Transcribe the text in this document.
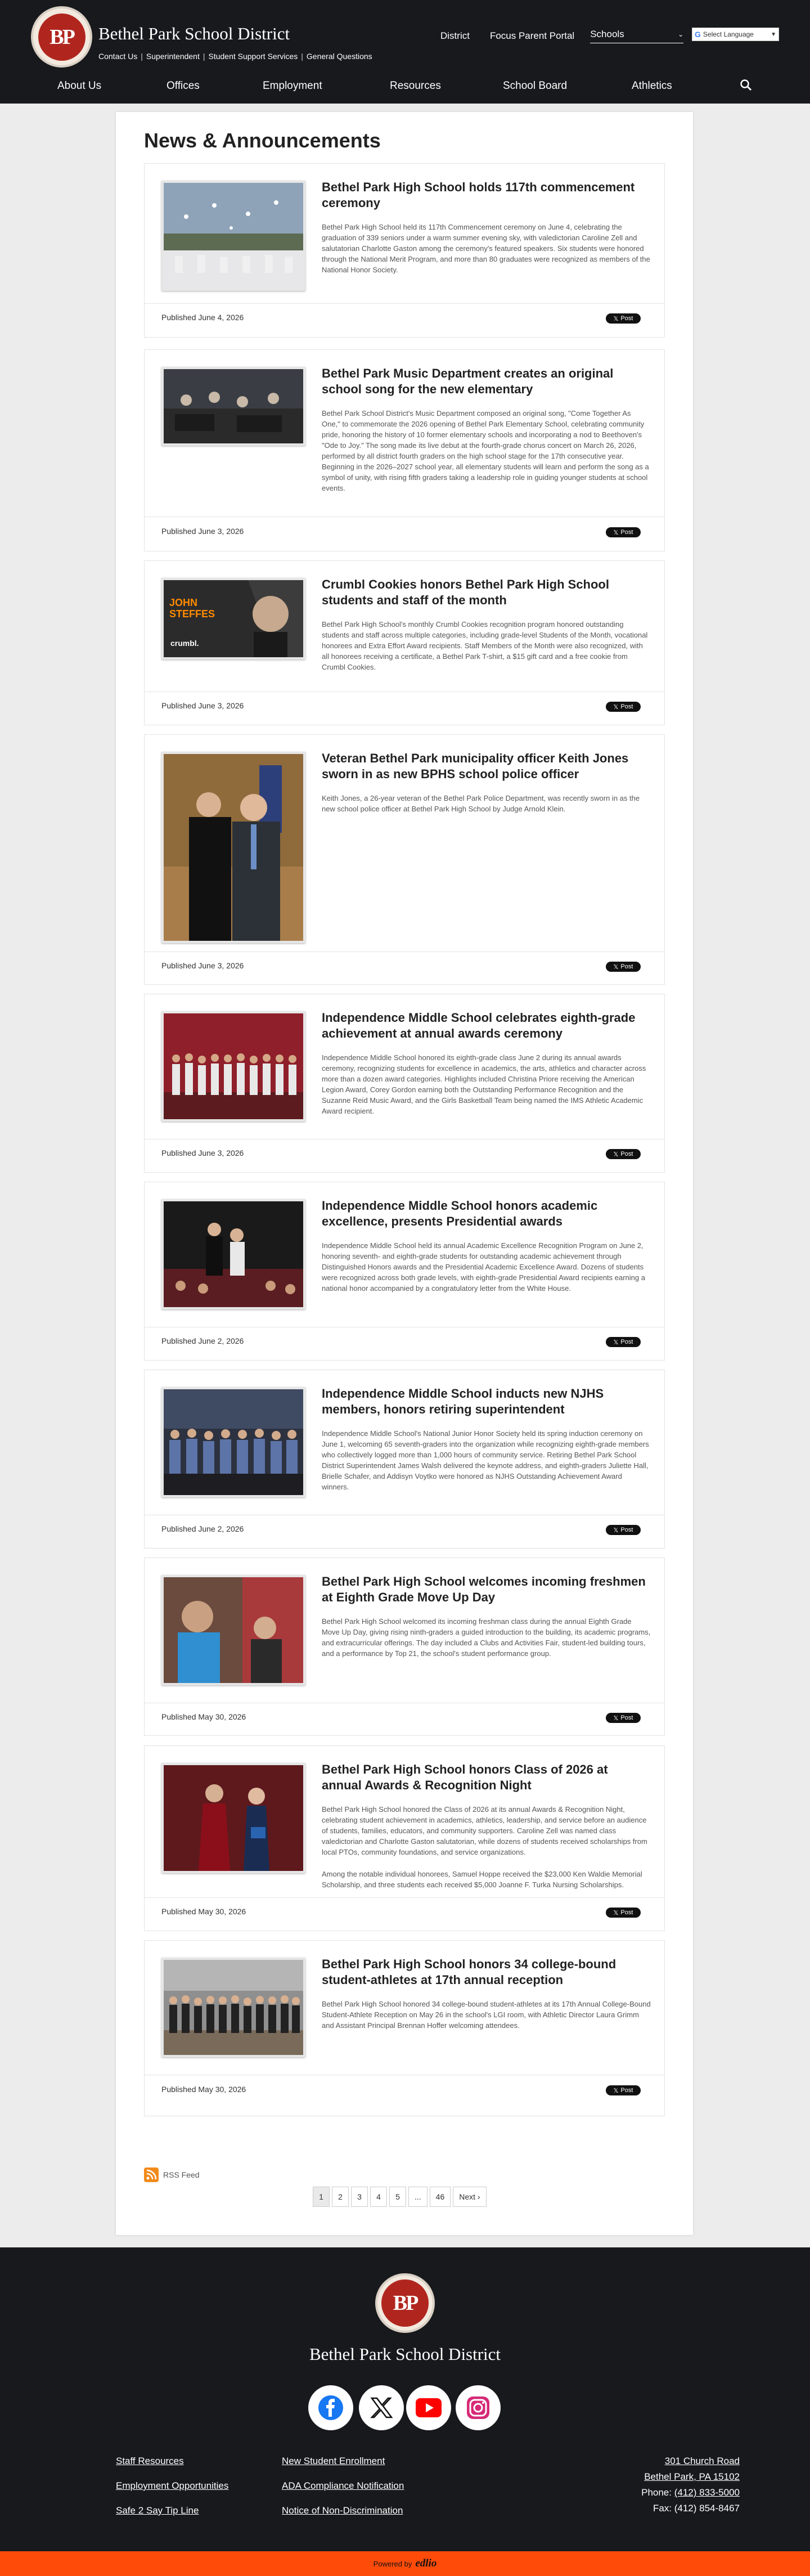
BP	Bethel Park School District
Contact Us | Superintendent | Student Support Services | General Questions
District Focus Parent Portal Schools	⌄ G Select Language	▼
About Us	Offices	Employment	Resources	School Board	Athletics
News & Announcements
Bethel Park High School holds 117th commencement ceremony
Bethel Park High School held its 117th Commencement ceremony on June 4, celebrating the graduation of 339 seniors under a warm summer evening sky, with valedictorian Caroline Zell and salutatorian Charlotte Gaston among the ceremony's featured speakers. Six students were honored through the National Merit Program, and more than 80 graduates were recognized as members of the National Honor Society.
Published June 4, 2026	𝕏 Post
Bethel Park Music Department creates an original school song for the new elementary
Bethel Park School District's Music Department composed an original song, "Come Together As One," to commemorate the 2026 opening of Bethel Park Elementary School, celebrating community pride, honoring the history of 10 former elementary schools and incorporating a nod to Beethoven's "Ode to Joy." The song made its live debut at the fourth-grade chorus concert on March 26, 2026, performed by all district fourth graders on the high school stage for the 17th consecutive year. Beginning in the 2026–2027 school year, all elementary students will learn and perform the song as a symbol of unity, with rising fifth graders taking a leadership role in guiding younger students at school events.
Published June 3, 2026	𝕏 Post
JOHN
STEFFES
crumbl.
Crumbl Cookies honors Bethel Park High School students and staff of the month
Bethel Park High School's monthly Crumbl Cookies recognition program honored outstanding students and staff across multiple categories, including grade-level Students of the Month, vocational honorees and Extra Effort Award recipients. Staff Members of the Month were also recognized, with all honorees receiving a certificate, a Bethel Park T-shirt, a $15 gift card and a free cookie from Crumbl Cookies.
Published June 3, 2026	𝕏 Post
Veteran Bethel Park municipality officer Keith Jones sworn in as new BPHS school police officer
Keith Jones, a 26-year veteran of the Bethel Park Police Department, was recently sworn in as the new school police officer at Bethel Park High School by Judge Arnold Klein.
Published June 3, 2026	𝕏 Post
Independence Middle School celebrates eighth-grade achievement at annual awards ceremony
Independence Middle School honored its eighth-grade class June 2 during its annual awards ceremony, recognizing students for excellence in academics, the arts, athletics and character across more than a dozen award categories. Highlights included Christina Priore receiving the American Legion Award, Corey Gordon earning both the Outstanding Performance Recognition and the Suzanne Reid Music Award, and the Girls Basketball Team being named the IMS Athletic Academic Award recipient.
Published June 3, 2026	𝕏 Post
Independence Middle School honors academic excellence, presents Presidential awards
Independence Middle School held its annual Academic Excellence Recognition Program on June 2, honoring seventh- and eighth-grade students for outstanding academic achievement through Distinguished Honors awards and the Presidential Academic Excellence Award. Dozens of students were recognized across both grade levels, with eighth-grade Presidential Award recipients earning a national honor accompanied by a congratulatory letter from the White House.
Published June 2, 2026	𝕏 Post
Independence Middle School inducts new NJHS members, honors retiring superintendent
Independence Middle School's National Junior Honor Society held its spring induction ceremony on June 1, welcoming 65 seventh-graders into the organization while recognizing eighth-grade members who collectively logged more than 1,000 hours of community service. Retiring Bethel Park School District Superintendent James Walsh delivered the keynote address, and eighth-graders Juliette Hall, Brielle Schafer, and Addisyn Voytko were honored as NJHS Outstanding Achievement Award winners.
Published June 2, 2026	𝕏 Post
Bethel Park High School welcomes incoming freshmen at Eighth Grade Move Up Day
Bethel Park High School welcomed its incoming freshman class during the annual Eighth Grade Move Up Day, giving rising ninth-graders a guided introduction to the building, its academic programs, and extracurricular offerings. The day included a Clubs and Activities Fair, student-led building tours, and a performance by Top 21, the school's student performance group.
Published May 30, 2026	𝕏 Post
Bethel Park High School honors Class of 2026 at annual Awards & Recognition Night
Bethel Park High School honored the Class of 2026 at its annual Awards & Recognition Night, celebrating student achievement in academics, athletics, leadership, and service before an audience of students, families, educators, and community supporters. Caroline Zell was named class valedictorian and Charlotte Gaston salutatorian, while dozens of students received scholarships from local PTOs, community foundations, and service organizations.
Among the notable individual honorees, Samuel Hoppe received the $23,000 Ken Waldie Memorial Scholarship, and three students each received $5,000 Joanne F. Turka Nursing Scholarships.
Published May 30, 2026	𝕏 Post
Bethel Park High School honors 34 college-bound student-athletes at 17th annual reception
Bethel Park High School honored 34 college-bound student-athletes at its 17th Annual College-Bound Student-Athlete Reception on May 26 in the school's LGI room, with Athletic Director Laura Grimm and Assistant Principal Brennan Hoffer welcoming attendees.
Published May 30, 2026	𝕏 Post
RSS Feed
1	2	3	4	5	...	46	Next ›
BP
Bethel Park School District
Staff Resources
Employment Opportunities
Safe 2 Say Tip Line
New Student Enrollment
ADA Compliance Notification
Notice of Non-Discrimination
301 Church Road
Bethel Park, PA 15102
Phone: (412) 833-5000
Fax: (412) 854-8467
Powered by edlio
